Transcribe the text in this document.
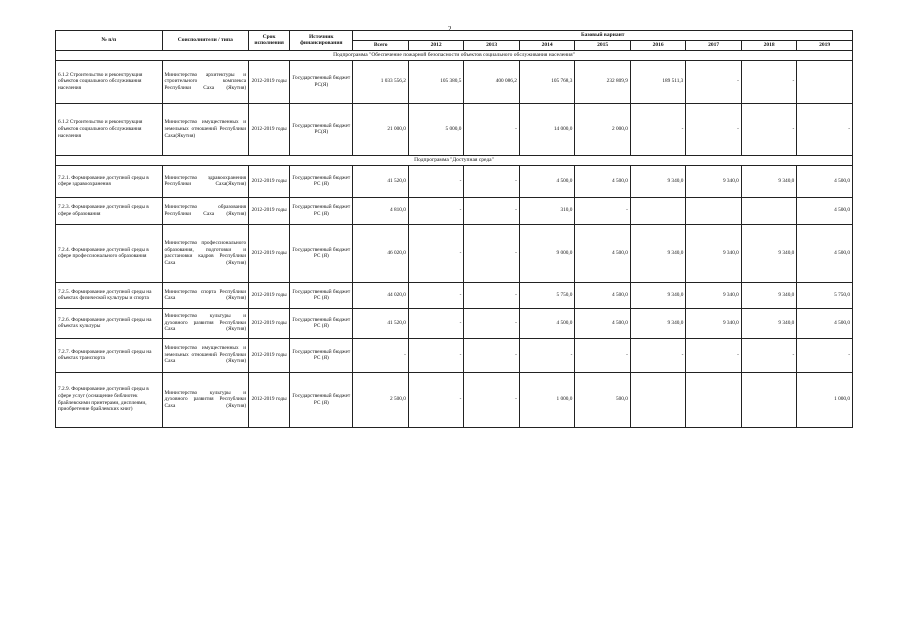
2
№ п/п	Соисполнители / типа	Срок исполнения	Источник финансирования	Базовый вариант								
				Всего	2012	2013	2014	2015	2016	2017	2018	2019
Подпрограмма "Обеспечение пожарной безопасности объектов социального обслуживания населения"												
6.1.2 Строительство и реконструкция объектов социального обслуживания населения	Министерство архитектуры и строительного комплекса Республики Саха (Якутия)	2012-2019 годы	Государственный бюджет РС(Я)	1 033 556,2	105 380,5	400 086,2	105 768,3	232 809,9	189 511,3	-	-	
6.1.2 Строительство и реконструкция объектов социального обслуживания населения	Министерство имущественных и земельных отношений Республики Саха(Якутия)	2012-2019 годы	Государственный бюджет РС(Я)	21 000,0	5 000,0	-	14 000,0	2 000,0	-	-	-	-
Подпрограмма "Доступная среда"												
7.2.1. Формирование доступной среды в сфере здравоохранения	Министерство здравоохранения Республики Саха(Якутия)	2012-2019 годы	Государственный бюджет РС (Я)	41 520,0	-	-	4 500,0	4 500,0	9 340,0	9 340,0	9 340,0	4 500,0
7.2.3. Формирование доступной среды в сфере образования	Министерство образования Республики Саха (Якутия)	2012-2019 годы	Государственный бюджет РС (Я)	4 810,0	-	-	310,0	-				4 500,0
7.2.4. Формирование доступной среды в сфере профессионального образования	Министерство профессионального образования, подготовки и расстановки кадров Республики Саха (Якутия)	2012-2019 годы	Государственный бюджет РС (Я)	46 020,0	-	-	9 000,0	4 500,0	9 340,0	9 340,0	9 340,0	4 500,0
7.2.5. Формирование доступной среды на объектах физической культуры и спорта	Министерство спорта Республики Саха (Якутия)	2012-2019 годы	Государственный бюджет РС (Я)	44 020,0	-	-	5 750,0	4 500,0	9 340,0	9 340,0	9 340,0	5 750,0
7.2.6. Формирование доступной среды на объектах культуры	Министерство культуры и духовного развития Республики Саха (Якутия)	2012-2019 годы	Государственный бюджет РС (Я)	41 520,0	-	-	4 500,0	4 500,0	9 340,0	9 340,0	9 340,0	4 500,0
7.2.7. Формирование доступной среды на объектах транспорта	Министерство имущественных и земельных отношений Республики Саха (Якутия)	2012-2019 годы	Государственный бюджет РС (Я)	-	-	-	-	-	-	-	-	-
7.2.9. Формирование доступной среды в сфере услуг (оснащение библиотек брайлевскими принтерами, дисплеями, приобретение брайлевских книг)	Министерство культуры и духовного развития Республики Саха (Якутия)	2012-2019 годы	Государственный бюджет РС (Я)	2 500,0	-	-	1 000,0	500,0				1 000,0
